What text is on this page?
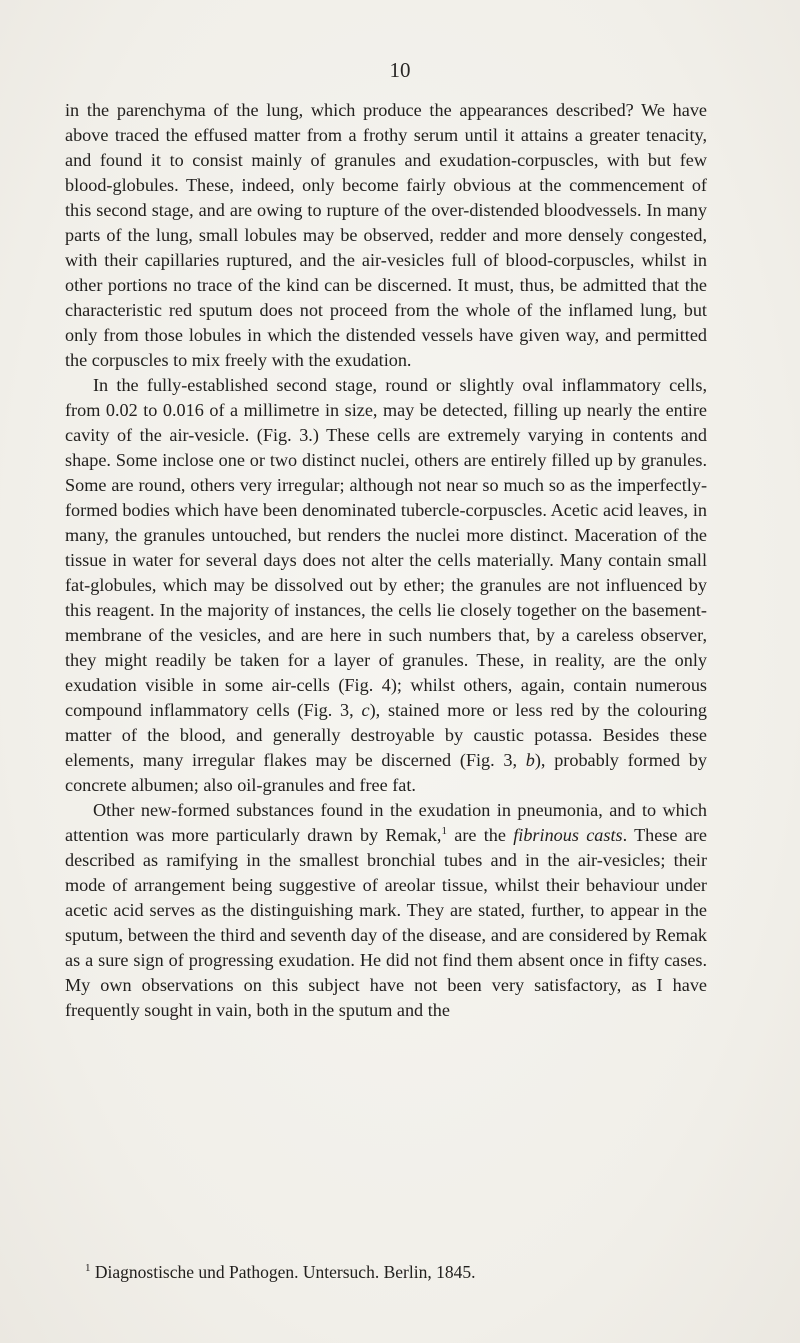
10

in the parenchyma of the lung, which produce the appearances described? We have above traced the effused matter from a frothy serum until it attains a greater tenacity, and found it to consist mainly of granules and exudation-corpuscles, with but few blood-globules. These, indeed, only become fairly obvious at the commencement of this second stage, and are owing to rupture of the over-distended bloodvessels. In many parts of the lung, small lobules may be observed, redder and more densely congested, with their capillaries ruptured, and the air-vesicles full of blood-corpuscles, whilst in other portions no trace of the kind can be discerned. It must, thus, be admitted that the characteristic red sputum does not proceed from the whole of the inflamed lung, but only from those lobules in which the distended vessels have given way, and permitted the corpuscles to mix freely with the exudation.

In the fully-established second stage, round or slightly oval inflammatory cells, from 0.02 to 0.016 of a millimetre in size, may be detected, filling up nearly the entire cavity of the air-vesicle. (Fig. 3.) These cells are extremely varying in contents and shape. Some inclose one or two distinct nuclei, others are entirely filled up by granules. Some are round, others very irregular; although not near so much so as the imperfectly-formed bodies which have been denominated tubercle-corpuscles. Acetic acid leaves, in many, the granules untouched, but renders the nuclei more distinct. Maceration of the tissue in water for several days does not alter the cells materially. Many contain small fat-globules, which may be dissolved out by ether; the granules are not influenced by this reagent. In the majority of instances, the cells lie closely together on the basement-membrane of the vesicles, and are here in such numbers that, by a careless observer, they might readily be taken for a layer of granules. These, in reality, are the only exudation visible in some air-cells (Fig. 4); whilst others, again, contain numerous compound inflammatory cells (Fig. 3, c), stained more or less red by the colouring matter of the blood, and generally destroyable by caustic potassa. Besides these elements, many irregular flakes may be discerned (Fig. 3, b), probably formed by concrete albumen; also oil-granules and free fat.

Other new-formed substances found in the exudation in pneumonia, and to which attention was more particularly drawn by Remak,$^1$ are the fibrinous casts. These are described as ramifying in the smallest bronchial tubes and in the air-vesicles; their mode of arrangement being suggestive of areolar tissue, whilst their behaviour under acetic acid serves as the distinguishing mark. They are stated, further, to appear in the sputum, between the third and seventh day of the disease, and are considered by Remak as a sure sign of progressing exudation. He did not find them absent once in fifty cases. My own observations on this subject have not been very satisfactory, as I have frequently sought in vain, both in the sputum and the

$^1$ Diagnostische und Pathogen. Untersuch. Berlin, 1845.
